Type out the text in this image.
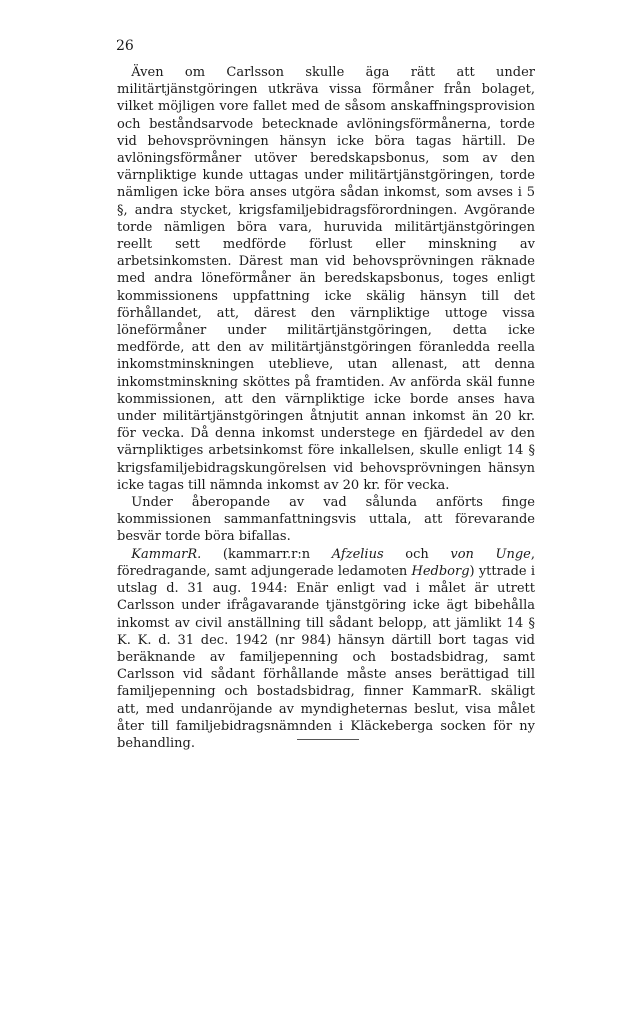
26

Även om Carlsson skulle äga rätt att under militärtjänstgöringen utkräva vissa förmåner från bolaget, vilket möjligen vore fallet med de såsom anskaffningsprovision och beståndsarvode betecknade avlöningsförmånerna, torde vid behovsprövningen hänsyn icke böra tagas härtill. De avlöningsförmåner utöver beredskapsbonus, som av den värnpliktige kunde uttagas under militärtjänstgöringen, torde nämligen icke böra anses utgöra sådan inkomst, som avses i 5 §, andra stycket, krigsfamiljebidragsförordningen. Avgörande torde nämligen böra vara, huruvida militärtjänstgöringen reellt sett medförde förlust eller minskning av arbetsinkomsten. Därest man vid behovsprövningen räknade med andra löneförmåner än beredskapsbonus, toges enligt kommissionens uppfattning icke skälig hänsyn till det förhållandet, att, därest den värnpliktige uttoge vissa löneförmåner under militärtjänstgöringen, detta icke medförde, att den av militärtjänstgöringen föranledda reella inkomstminskningen uteblieve, utan allenast, att denna inkomstminskning sköttes på framtiden. Av anförda skäl funne kommissionen, att den värnpliktige icke borde anses hava under militärtjänstgöringen åtnjutit annan inkomst än 20 kr. för vecka. Då denna inkomst understege en fjärdedel av den värnpliktiges arbetsinkomst före inkallelsen, skulle enligt 14 § krigsfamiljebidragskungörelsen vid behovsprövningen hänsyn icke tagas till nämnda inkomst av 20 kr. för vecka.

Under åberopande av vad sålunda anförts finge kommissionen sammanfattningsvis uttala, att förevarande besvär torde böra bifallas.

KammarR. (kammarr.r:n Afzelius och von Unge, föredragande, samt adjungerade ledamoten Hedborg) yttrade i utslag d. 31 aug. 1944: Enär enligt vad i målet är utrett Carlsson under ifrågavarande tjänstgöring icke ägt bibehålla inkomst av civil anställning till sådant belopp, att jämlikt 14 § K. K. d. 31 dec. 1942 (nr 984) hänsyn därtill bort tagas vid beräknande av familjepenning och bostadsbidrag, samt Carlsson vid sådant förhållande måste anses berättigad till familjepenning och bostadsbidrag, finner KammarR. skäligt att, med undanröjande av myndigheternas beslut, visa målet åter till familjebidragsnämnden i Kläckeberga socken för ny behandling.
